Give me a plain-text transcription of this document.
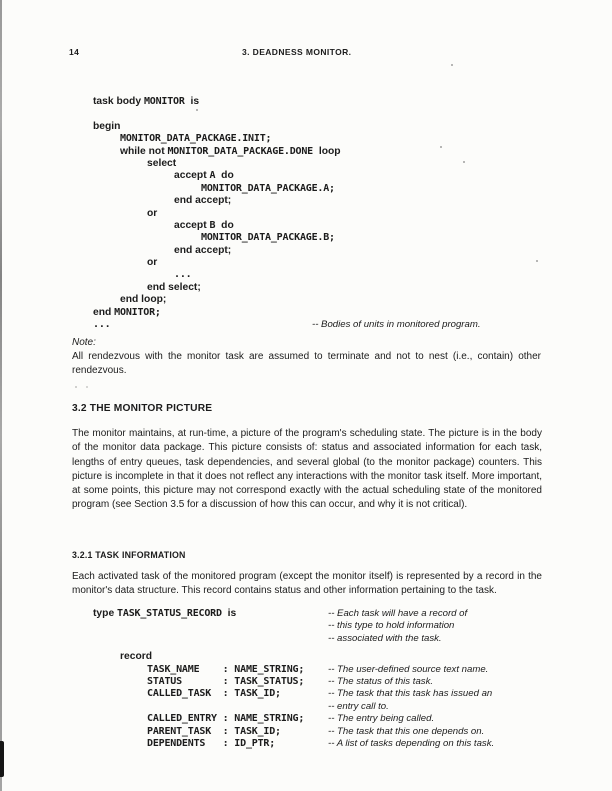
14	3. DEADNESS MONITOR.
task body MONITOR is
begin
MONITOR_DATA_PACKAGE.INIT;
while not MONITOR_DATA_PACKAGE.DONE loop
select
accept A do
MONITOR_DATA_PACKAGE.A;
end accept;
or
accept B do
MONITOR_DATA_PACKAGE.B;
end accept;
or
...
end select;
end loop;
end MONITOR;
...	-- Bodies of units in monitored program.
Note:
All rendezvous with the monitor task are assumed to terminate and not to nest (i.e., contain) other rendezvous.
3.2 THE MONITOR PICTURE
The monitor maintains, at run-time, a picture of the program's scheduling state. The picture is in the body of the monitor data package. This picture consists of: status and associated information for each task, lengths of entry queues, task dependencies, and several global (to the monitor package) counters. This picture is incomplete in that it does not reflect any interactions with the monitor task itself. More important, at some points, this picture may not correspond exactly with the actual scheduling state of the monitored program (see Section 3.5 for a discussion of how this can occur, and why it is not critical).
3.2.1 TASK INFORMATION
Each activated task of the monitored program (except the monitor itself) is represented by a record in the monitor's data structure. This record contains status and other information pertaining to the task.
type TASK_STATUS_RECORD is	-- Each task will have a record of
-- this type to hold information
-- associated with the task.
record
TASK_NAME    : NAME_STRING; -- The user-defined source text name.
STATUS       : TASK_STATUS; -- The status of this task.
CALLED_TASK  : TASK_ID;	-- The task that this task has issued an
-- entry call to.
CALLED_ENTRY : NAME_STRING; -- The entry being called.
PARENT_TASK  : TASK_ID;	-- The task that this one depends on.
DEPENDENTS   : ID_PTR;	-- A list of tasks depending on this task.
